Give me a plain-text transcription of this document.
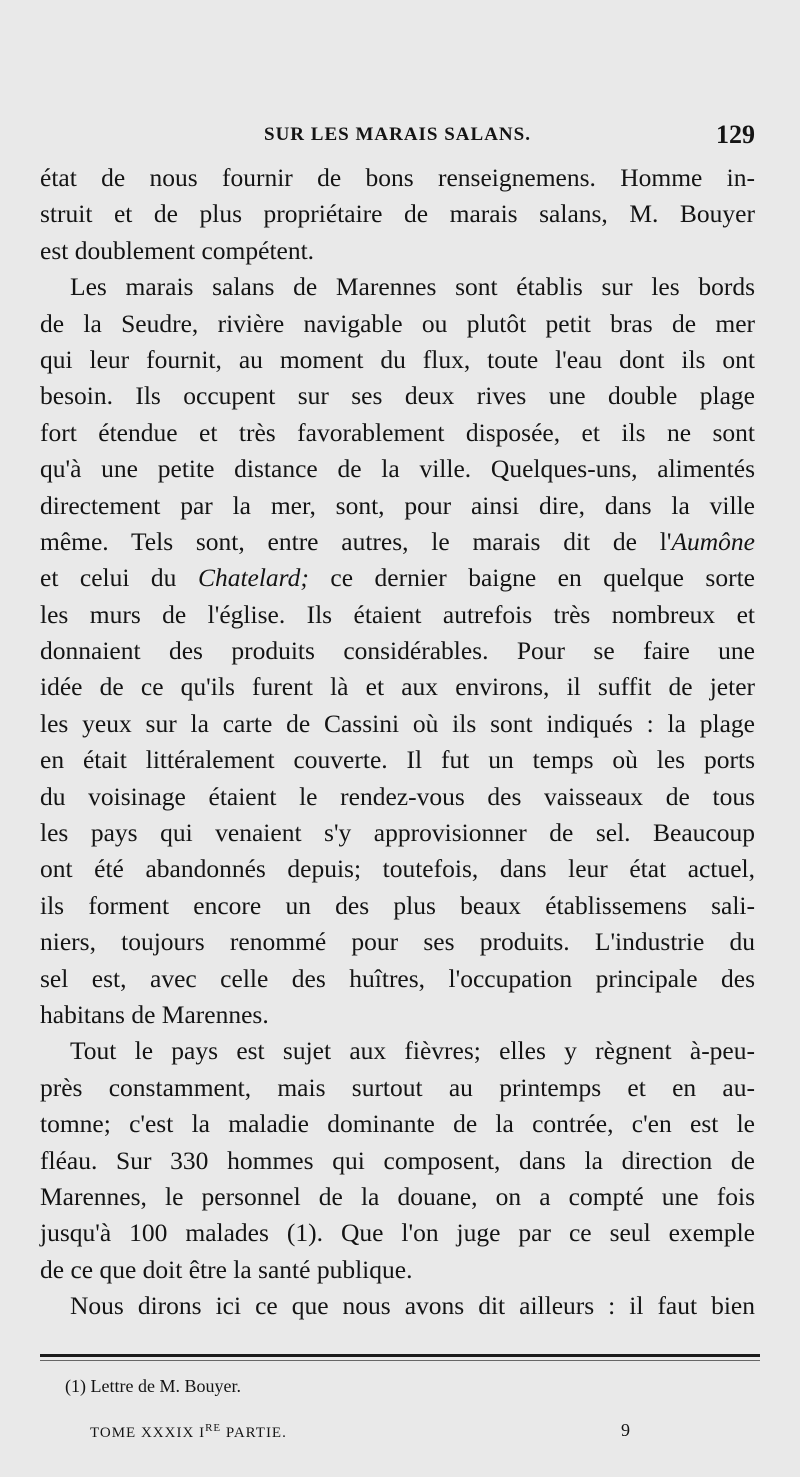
SUR LES MARAIS SALANS.	129
état de nous fournir de bons renseignemens. Homme in-
struit et de plus propriétaire de marais salans, M. Bouyer
est doublement compétent.
Les marais salans de Marennes sont établis sur les bords
de la Seudre, rivière navigable ou plutôt petit bras de mer
qui leur fournit, au moment du flux, toute l'eau dont ils ont
besoin. Ils occupent sur ses deux rives une double plage
fort étendue et très favorablement disposée, et ils ne sont
qu'à une petite distance de la ville. Quelques-uns, alimentés
directement par la mer, sont, pour ainsi dire, dans la ville
même. Tels sont, entre autres, le marais dit de l'Aumône
et celui du Chatelard; ce dernier baigne en quelque sorte
les murs de l'église. Ils étaient autrefois très nombreux et
donnaient des produits considérables. Pour se faire une
idée de ce qu'ils furent là et aux environs, il suffit de jeter
les yeux sur la carte de Cassini où ils sont indiqués : la plage
en était littéralement couverte. Il fut un temps où les ports
du voisinage étaient le rendez-vous des vaisseaux de tous
les pays qui venaient s'y approvisionner de sel. Beaucoup
ont été abandonnés depuis; toutefois, dans leur état actuel,
ils forment encore un des plus beaux établissemens sali-
niers, toujours renommé pour ses produits. L'industrie du
sel est, avec celle des huîtres, l'occupation principale des
habitans de Marennes.
Tout le pays est sujet aux fièvres; elles y règnent à-peu-
près constamment, mais surtout au printemps et en au-
tomne; c'est la maladie dominante de la contrée, c'en est le
fléau. Sur 330 hommes qui composent, dans la direction de
Marennes, le personnel de la douane, on a compté une fois
jusqu'à 100 malades (1). Que l'on juge par ce seul exemple
de ce que doit être la santé publique.
Nous dirons ici ce que nous avons dit ailleurs : il faut bien
(1) Lettre de M. Bouyer.
TOME XXXIX IRE PARTIE.	9
